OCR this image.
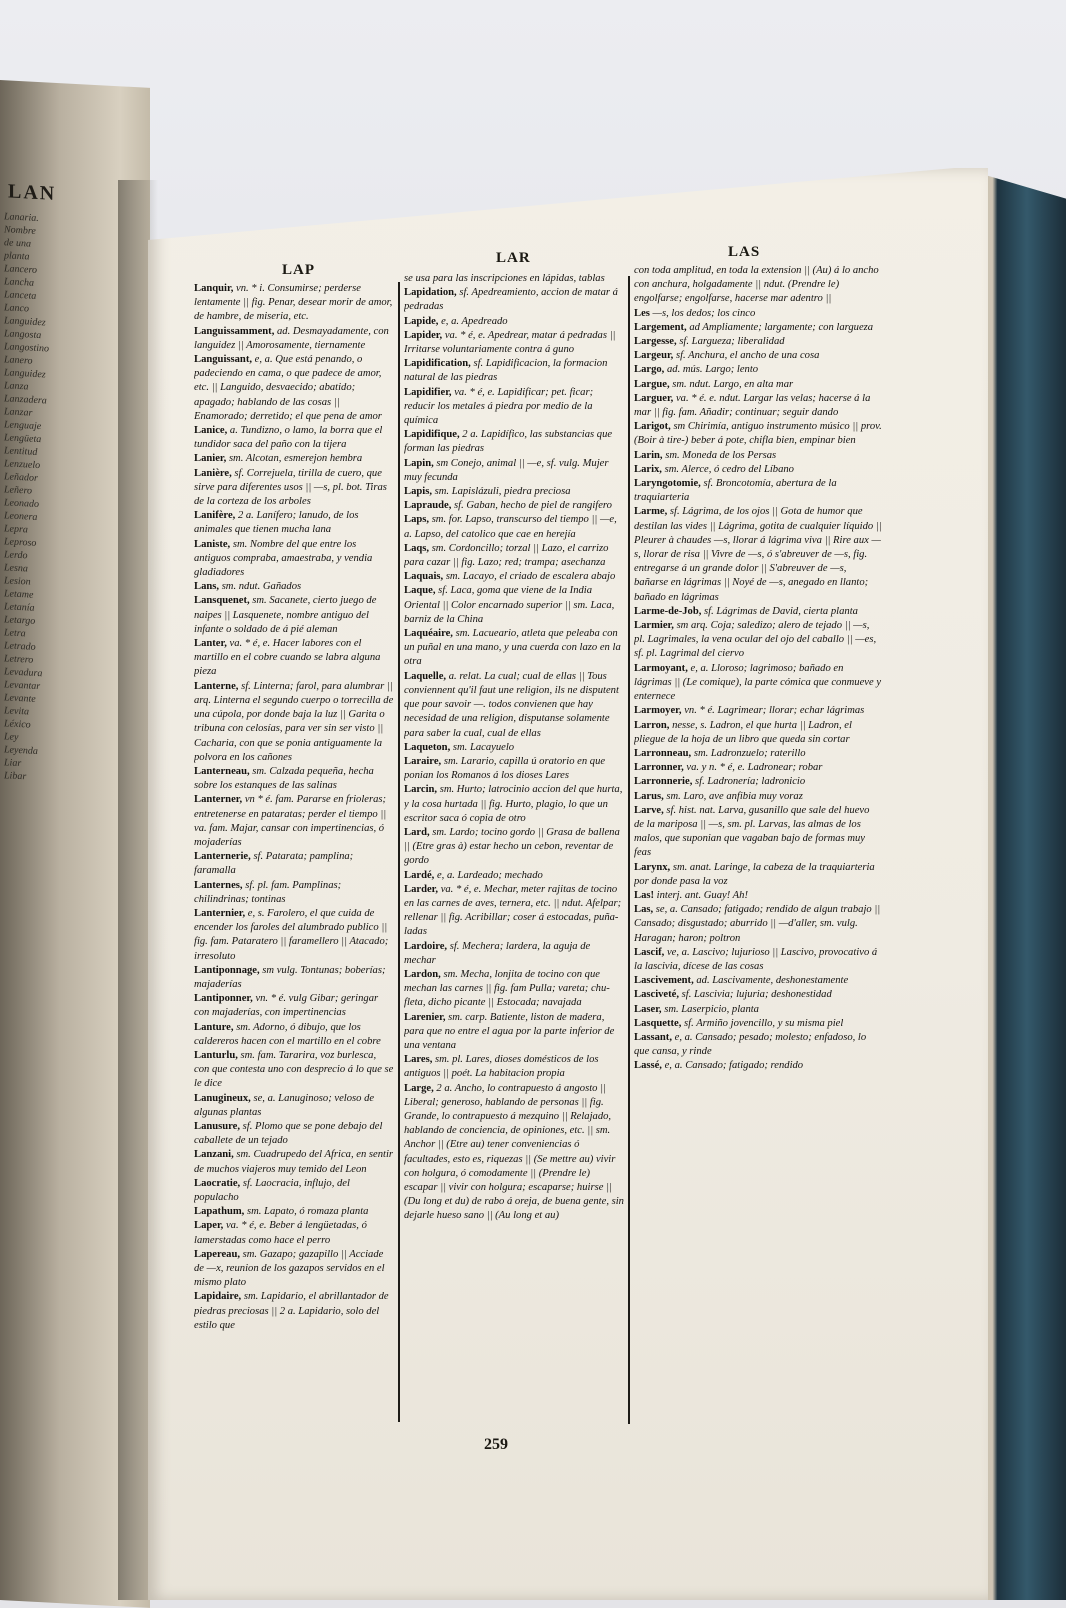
LAN
Lanaria.
Nombre
de una
planta
Lancero
Lancha
Lanceta
Lanco
Languidez
Langosta
Langostino
Lanero
Languidez
Lanza
Lanzadera
Lanzar
Lenguaje
Lengüeta
Lentitud
Lenzuelo
Leñador
Leñero
Leonado
Leonera
Lepra
Leproso
Lerdo
Lesna
Lesion
Letame
Letanía
Letargo
Letra
Letrado
Letrero
Levadura
Levantar
Levante
Levita
Léxico
Ley
Leyenda
Liar
Libar
LAP
LAR	LAS
Lanquir, vn. * i. Consumirse; perderse lentamente || fig. Penar, desear morir de amor, de hambre, de miseria, etc.
Languissamment, ad. Desmayadamente, con languidez || Amorosamente, tiernamente
Languissant, e, a. Que está penando, o padeciendo en cama, o que padece de amor, etc. || Languido, desvaecido; abatido; apagado; hablando de las cosas || Enamorado; derretido; el que pena de amor
Lanice, a. Tundizno, o lamo, la borra que el tundidor saca del paño con la tijera
Lanier, sm. Alcotan, esmerejon hembra
Lanière, sf. Correjuela, tirilla de cuero, que sirve para diferentes usos || —s, pl. bot. Tiras de la corteza de los arboles
Lanifère, 2 a. Lanífero; lanudo, de los animales que tienen mucha lana
Laniste, sm. Nombre del que entre los antiguos compraba, amaestraba, y vendia gladiadores
Lans, sm. ndut. Gañados
Lansquenet, sm. Sacanete, cierto juego de naipes || Lasquenete, nombre antiguo del infante o soldado de á pié aleman
Lanter, va. * é, e. Hacer labores con el martillo en el cobre cuando se labra alguna pieza
Lanterne, sf. Linterna; farol, para alumbrar || arq. Linterna el segundo cuerpo o torrecilla de una cúpola, por donde baja la luz || Garita o tribuna con celosías, para ver sin ser visto || Cacharia, con que se ponia antiguamente la polvora en los cañones
Lanterneau, sm. Calzada pequeña, hecha sobre los estanques de las salinas
Lanterner, vn * é. fam. Pararse en frioleras; entretenerse en pataratas; perder el tiempo || va. fam. Majar, cansar con impertinencias, ó mojaderías
Lanternerie, sf. Patarata; pamplina; faramalla
Lanternes, sf. pl. fam. Pamplinas; chilindrinas; tontinas
Lanternier, e, s. Farolero, el que cuida de encender los faroles del alumbrado publico || fig. fam. Pataratero || faramellero || Atacado; irresoluto
Lantiponnage, sm vulg. Tontunas; boberías; majaderías
Lantiponner, vn. * é. vulg Gibar; geringar con majaderías, con impertinencias
Lanture, sm. Adorno, ó dibujo, que los caldereros hacen con el martillo en el cobre
Lanturlu, sm. fam. Tararira, voz burlesca, con que contesta uno con desprecio á lo que se le dice
Lanugineux, se, a. Lanuginoso; veloso de algunas plantas
Lanusure, sf. Plomo que se pone debajo del caballete de un tejado
Lanzani, sm. Cuadrupedo del Africa, en sentir de muchos viajeros muy temido del Leon
Laocratie, sf. Laocracia, influjo, del populacho
Lapathum, sm. Lapato, ó romaza planta
Laper, va. * é, e. Beber á lengüetadas, ó lamerstadas como hace el perro
Lapereau, sm. Gazapo; gazapillo || Acciade de —x, reunion de los gazapos servidos en el mismo plato
Lapidaire, sm. Lapidario, el abrillantador de piedras preciosas || 2 a. Lapidario, solo del estilo que
se usa para las inscripciones en lápidas, tablas
Lapidation, sf. Apedreamiento, accion de matar á pedradas
Lapide, e, a. Apedreado
Lapider, va. * é, e. Apedrear, matar á pedradas || Irritarse voluntariamente contra á guno
Lapidification, sf. Lapidificacion, la formacion natural de las piedras
Lapidifier, va. * é, e. Lapidificar; pet. ficar; reducir los metales á piedra por medio de la química
Lapidifique, 2 a. Lapidífico, las substancias que forman las piedras
Lapin, sm Conejo, animal || —e, sf. vulg. Mujer muy fecunda
Lapis, sm. Lapislázuli, piedra preciosa
Lapraude, sf. Gaban, hecho de piel de rangifero
Laps, sm. for. Lapso, transcurso del tiempo || —e, a. Lapso, del catolico que cae en herejía
Laqs, sm. Cordoncillo; torzal || Lazo, el carrizo para cazar || fig. Lazo; red; trampa; asechanza
Laquais, sm. Lacayo, el criado de escalera abajo
Laque, sf. Laca, goma que viene de la India Oriental || Color encarnado superior || sm. Laca, barniz de la China
Laquéaire, sm. Lacueario, atleta que peleaba con un puñal en una mano, y una cuerda con lazo en la otra
Laquelle, a. relat. La cual; cual de ellas || Tous conviennent qu'il faut une religion, ils ne disputent que pour savoir —. todos convienen que hay necesidad de una religion, disputanse solamente para saber la cual, cual de ellas
Laqueton, sm. Lacayuelo
Laraire, sm. Larario, capilla ú oratorio en que ponian los Romanos á los dioses Lares
Larcin, sm. Hurto; latrocinio accion del que hurta, y la cosa hurtada || fig. Hurto, plagio, lo que un escritor saca ó copia de otro
Lard, sm. Lardo; tocino gordo || Grasa de ballena || (Etre gras à) estar hecho un cebon, reventar de gordo
Lardé, e, a. Lardeado; mechado
Larder, va. * é, e. Mechar, meter rajitas de tocino en las carnes de aves, ternera, etc. || ndut. Afelpar; rellenar || fig. Acribillar; coser á estocadas, puñaladas
Lardoire, sf. Mechera; lardera, la aguja de mechar
Lardon, sm. Mecha, lonjita de tocino con que mechan las carnes || fig. fam Pulla; vareta; chufleta, dicho picante || Estocada; navajada
Larenier, sm. carp. Batiente, liston de madera, para que no entre el agua por la parte inferior de una ventana
Lares, sm. pl. Lares, dioses domésticos de los antiguos || poét. La habitacion propia
Large, 2 a. Ancho, lo contrapuesto á angosto || Liberal; generoso, hablando de personas || fig. Grande, lo contrapuesto á mezquino || Relajado, hablando de conciencia, de opiniones, etc. || sm. Anchor || (Etre au) tener conveniencias ó facultades, esto es, riquezas || (Se mettre au) vivir con holgura, ó comodamente || (Prendre le) escapar || vivir con holgura; escaparse; huirse || (Du long et du) de rabo á oreja, de buena gente, sin dejarle hueso sano || (Au long et au)
con toda amplitud, en toda la extension || (Au) á lo ancho con anchura, holgadamente || ndut. (Prendre le) engolfarse; engolfarse, hacerse mar adentro ||
Les —s, los dedos; los cinco
Largement, ad Ampliamente; largamente; con largueza
Largesse, sf. Largueza; liberalidad
Largeur, sf. Anchura, el ancho de una cosa
Largo, ad. mús. Largo; lento
Largue, sm. ndut. Largo, en alta mar
Larguer, va. * é. e. ndut. Largar las velas; hacerse á la mar || fig. fam. Añadir; continuar; seguir dando
Larigot, sm Chirimía, antiguo instrumento músico || prov. (Boir à tire-) beber á pote, chifla bien, empinar bien
Larin, sm. Moneda de los Persas
Larix, sm. Alerce, ó cedro del Líbano
Laryngotomie, sf. Broncotomía, abertura de la traquiarteria
Larme, sf. Lágrima, de los ojos || Gota de humor que destilan las vides || Lágrima, gotita de cualquier líquido || Pleurer à chaudes —s, llorar á lágrima viva || Rire aux —s, llorar de risa || Vivre de —s, ó s'abreuver de —s, fig. entregarse á un grande dolor || S'abreuver de —s, bañarse en lágrimas || Noyé de —s, anegado en llanto; bañado en lágrimas
Larme-de-Job, sf. Lágrimas de David, cierta planta
Larmier, sm arq. Coja; saledizo; alero de tejado || —s, pl. Lagrimales, la vena ocular del ojo del caballo || —es, sf. pl. Lagrimal del ciervo
Larmoyant, e, a. Lloroso; lagrimoso; bañado en lágrimas || (Le comique), la parte cómica que conmueve y enternece
Larmoyer, vn. * é. Lagrimear; llorar; echar lágrimas
Larron, nesse, s. Ladron, el que hurta || Ladron, el pliegue de la hoja de un libro que queda sin cortar
Larronneau, sm. Ladronzuelo; raterillo
Larronner, va. y n. * é, e. Ladronear; robar
Larronnerie, sf. Ladronería; ladronicio
Larus, sm. Laro, ave anfibia muy voraz
Larve, sf. hist. nat. Larva, gusanillo que sale del huevo de la mariposa || —s, sm. pl. Larvas, las almas de los malos, que suponian que vagaban bajo de formas muy feas
Larynx, sm. anat. Laringe, la cabeza de la traquiarteria por donde pasa la voz
Las! interj. ant. Guay! Ah!
Las, se, a. Cansado; fatigado; rendido de algun trabajo || Cansado; disgustado; aburrido || —d'aller, sm. vulg. Haragan; haron; poltron
Lascif, ve, a. Lascivo; lujurioso || Lascivo, provocativo á la lascivia, dícese de las cosas
Lascivement, ad. Lascivamente, deshonestamente
Lasciveté, sf. Lascivia; lujuria; deshonestidad
Laser, sm. Laserpicio, planta
Lasquette, sf. Armiño jovencillo, y su misma piel
Lassant, e, a. Cansado; pesado; molesto; enfadoso, lo que cansa, y rinde
Lassé, e, a. Cansado; fatigado; rendido
259
